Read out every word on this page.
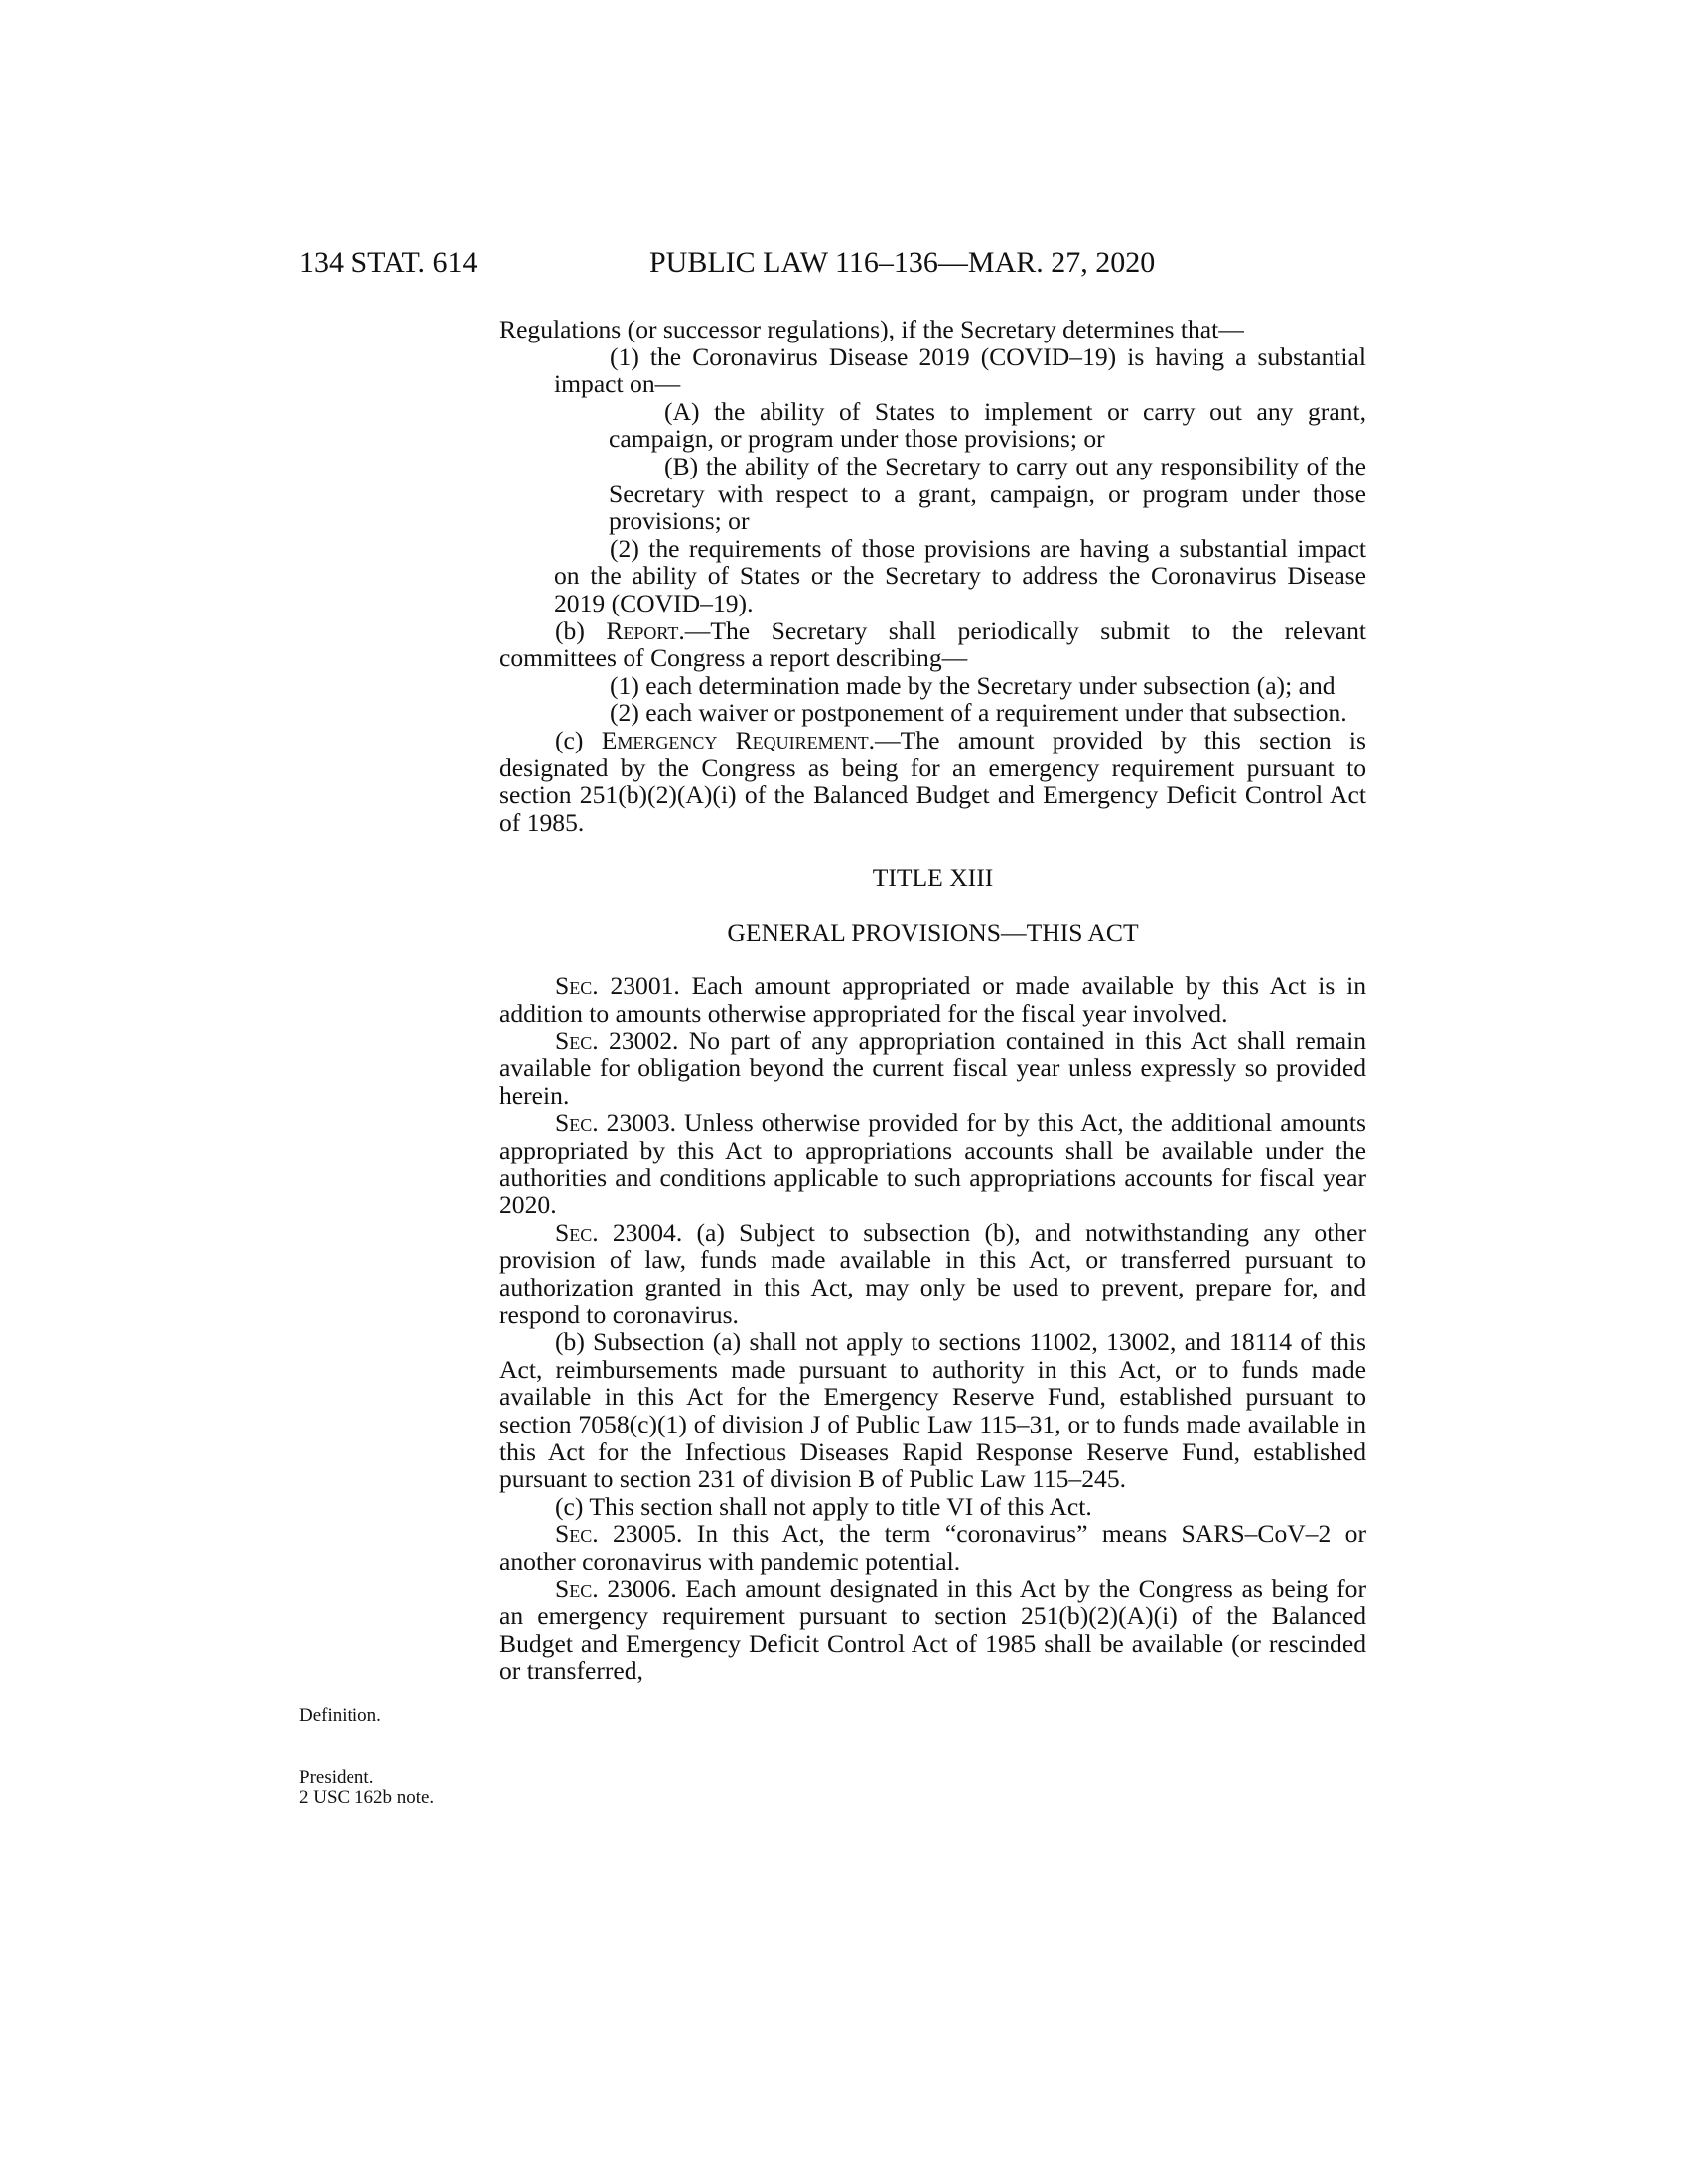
134 STAT. 614	PUBLIC LAW 116–136—MAR. 27, 2020

Regulations (or successor regulations), if the Secretary determines that—

(1) the Coronavirus Disease 2019 (COVID–19) is having a substantial impact on—

(A) the ability of States to implement or carry out any grant, campaign, or program under those provisions; or

(B) the ability of the Secretary to carry out any responsibility of the Secretary with respect to a grant, campaign, or program under those provisions; or

(2) the requirements of those provisions are having a substantial impact on the ability of States or the Secretary to address the Coronavirus Disease 2019 (COVID–19).

(b) Report.—The Secretary shall periodically submit to the relevant committees of Congress a report describing—

(1) each determination made by the Secretary under subsection (a); and

(2) each waiver or postponement of a requirement under that subsection.

(c) Emergency Requirement.—The amount provided by this section is designated by the Congress as being for an emergency requirement pursuant to section 251(b)(2)(A)(i) of the Balanced Budget and Emergency Deficit Control Act of 1985.

TITLE XIII

GENERAL PROVISIONS—THIS ACT

Sec. 23001. Each amount appropriated or made available by this Act is in addition to amounts otherwise appropriated for the fiscal year involved.

Sec. 23002. No part of any appropriation contained in this Act shall remain available for obligation beyond the current fiscal year unless expressly so provided herein.

Sec. 23003. Unless otherwise provided for by this Act, the additional amounts appropriated by this Act to appropriations accounts shall be available under the authorities and conditions applicable to such appropriations accounts for fiscal year 2020.

Sec. 23004. (a) Subject to subsection (b), and notwithstanding any other provision of law, funds made available in this Act, or transferred pursuant to authorization granted in this Act, may only be used to prevent, prepare for, and respond to coronavirus.

(b) Subsection (a) shall not apply to sections 11002, 13002, and 18114 of this Act, reimbursements made pursuant to authority in this Act, or to funds made available in this Act for the Emergency Reserve Fund, established pursuant to section 7058(c)(1) of division J of Public Law 115–31, or to funds made available in this Act for the Infectious Diseases Rapid Response Reserve Fund, established pursuant to section 231 of division B of Public Law 115–245.

(c) This section shall not apply to title VI of this Act.

Sec. 23005. In this Act, the term “coronavirus” means SARS–CoV–2 or another coronavirus with pandemic potential.

Sec. 23006. Each amount designated in this Act by the Congress as being for an emergency requirement pursuant to section 251(b)(2)(A)(i) of the Balanced Budget and Emergency Deficit Control Act of 1985 shall be available (or rescinded or transferred,

Definition.
President.
2 USC 162b note.
